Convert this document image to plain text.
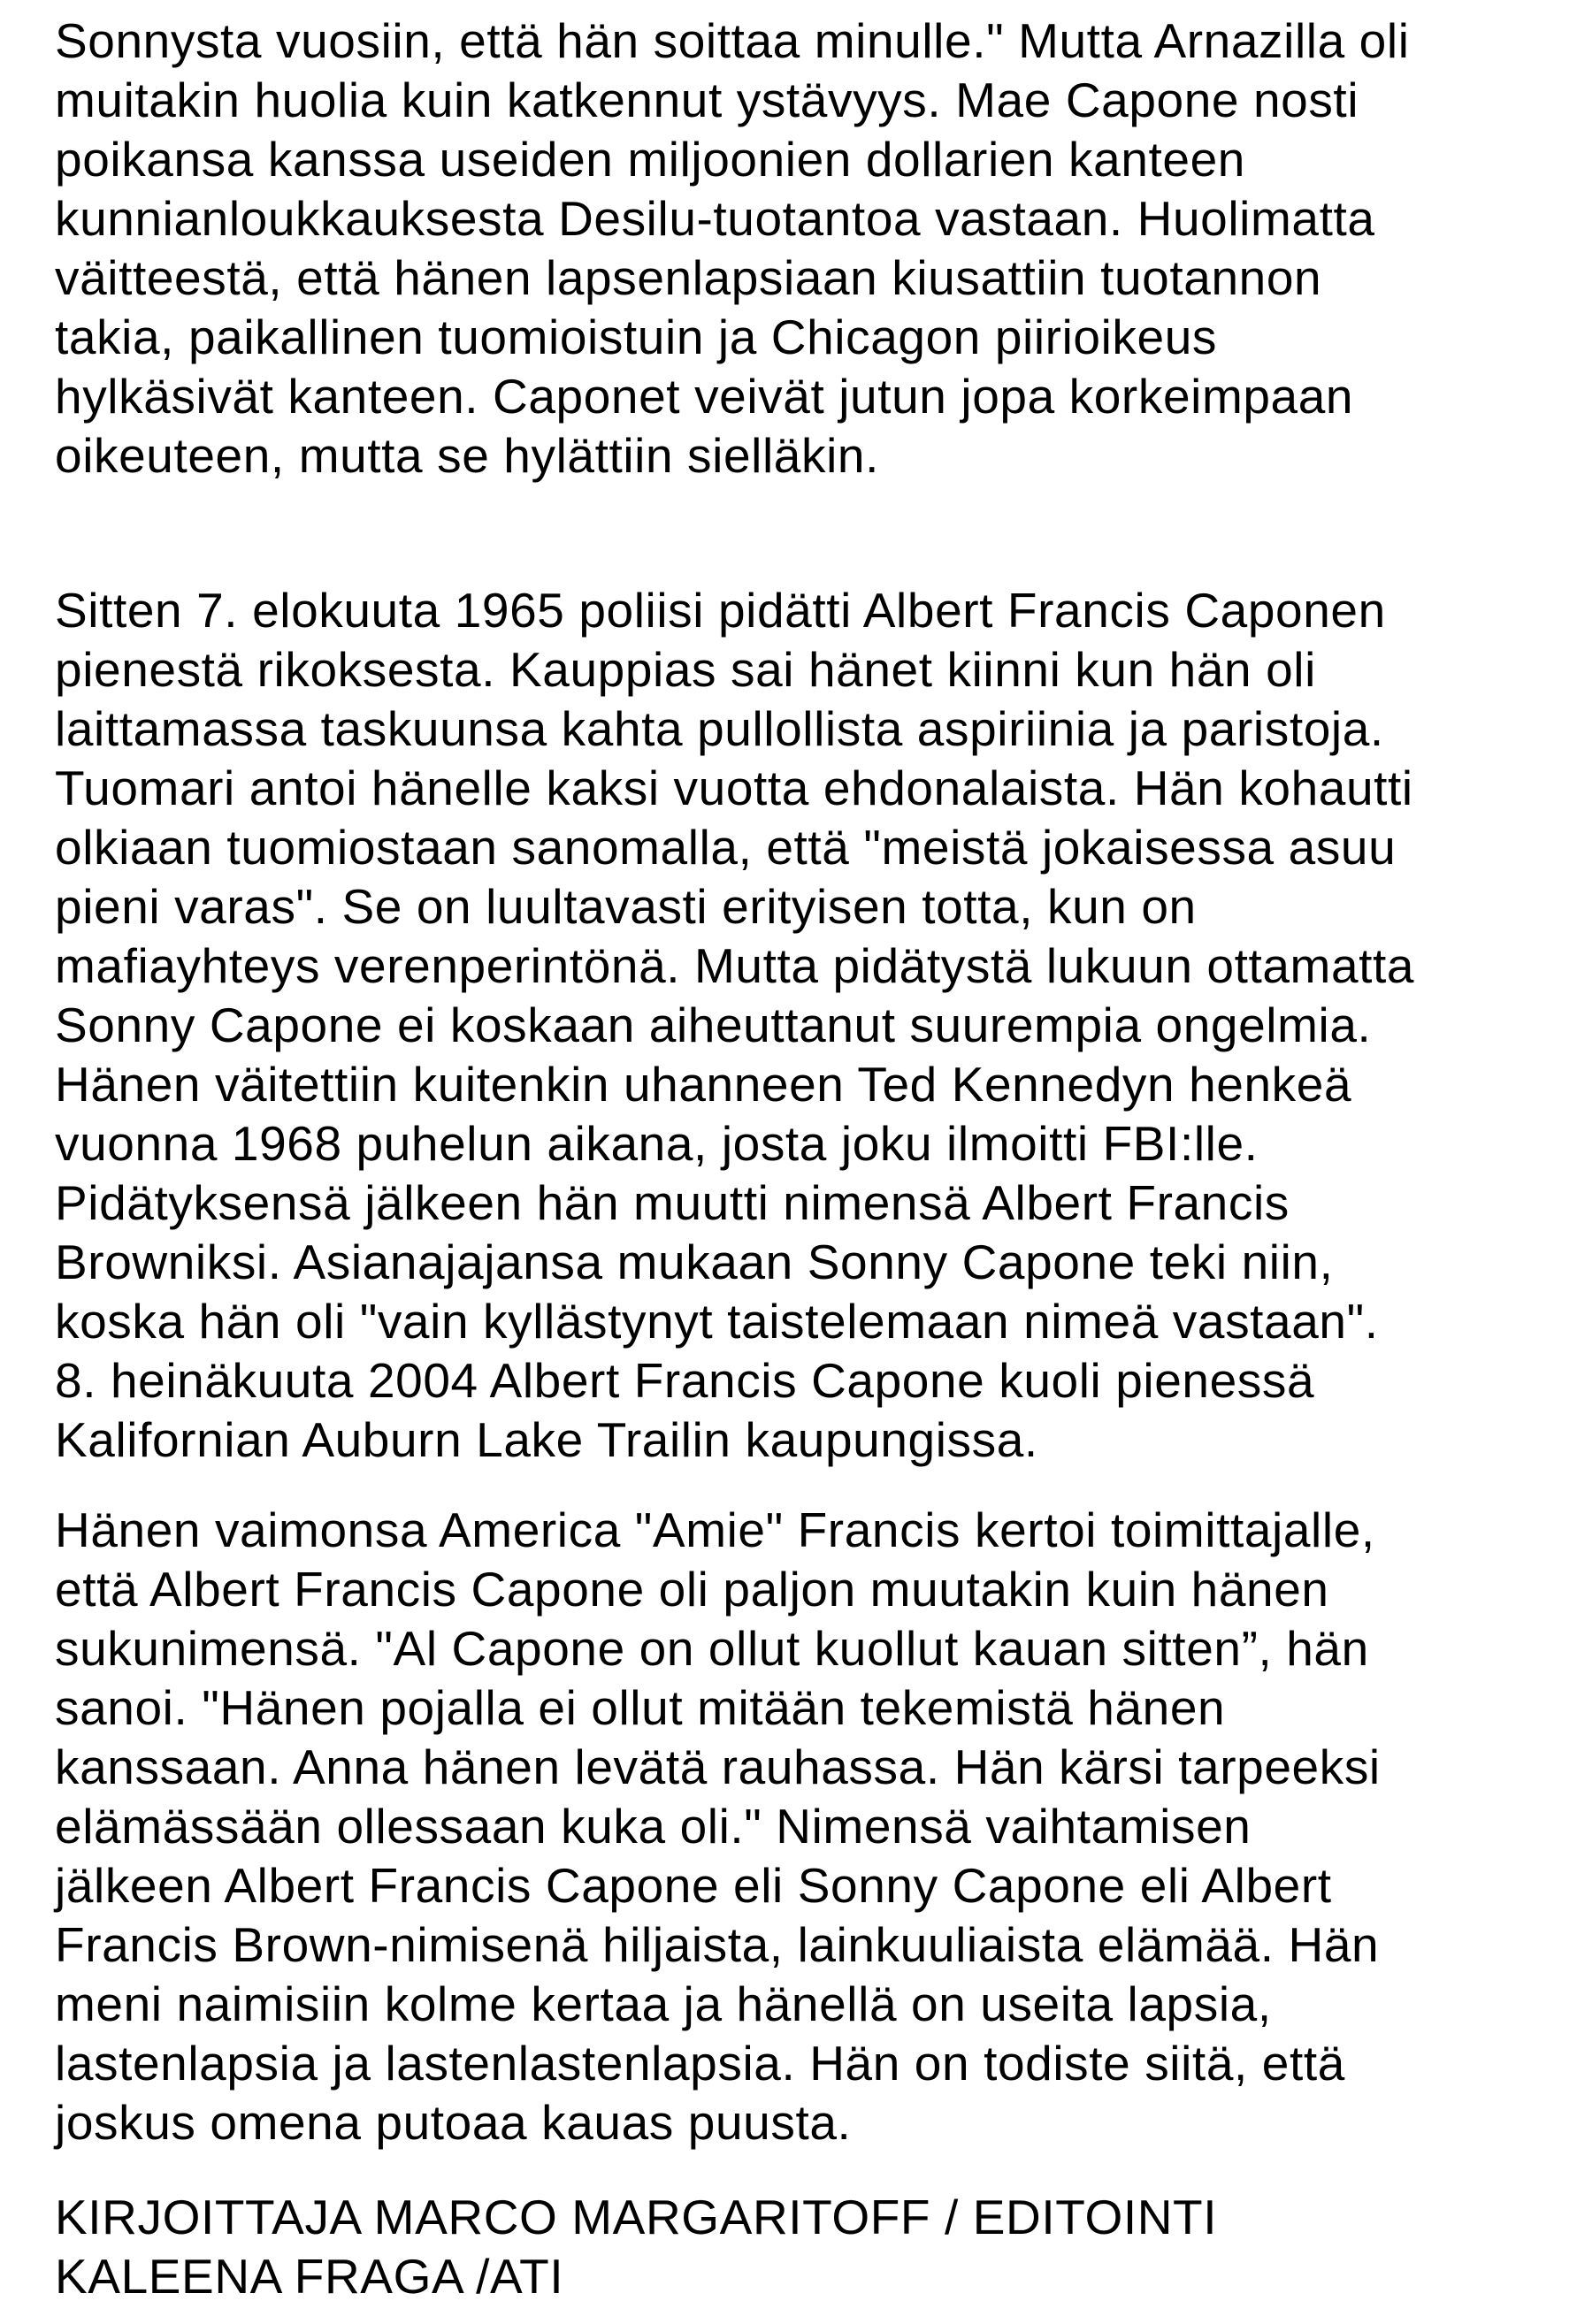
Sonnysta vuosiin, että hän soittaa minulle." Mutta Arnazilla oli
muitakin huolia kuin katkennut ystävyys. Mae Capone nosti
poikansa kanssa useiden miljoonien dollarien kanteen
kunnianloukkauksesta Desilu-tuotantoa vastaan. Huolimatta
väitteestä, että hänen lapsenlapsiaan kiusattiin tuotannon
takia, paikallinen tuomioistuin ja Chicagon piirioikeus
hylkäsivät kanteen. Caponet veivät jutun jopa korkeimpaan
oikeuteen, mutta se hylättiin sielläkin.
Sitten 7. elokuuta 1965 poliisi pidätti Albert Francis Caponen
pienestä rikoksesta. Kauppias sai hänet kiinni kun hän oli
laittamassa taskuunsa kahta pullollista aspiriinia ja paristoja.
Tuomari antoi hänelle kaksi vuotta ehdonalaista. Hän kohautti
olkiaan tuomiostaan sanomalla, että "meistä jokaisessa asuu
pieni varas". Se on luultavasti erityisen totta, kun on
mafiayhteys verenperintönä. Mutta pidätystä lukuun ottamatta
Sonny Capone ei koskaan aiheuttanut suurempia ongelmia.
Hänen väitettiin kuitenkin uhanneen Ted Kennedyn henkeä
vuonna 1968 puhelun aikana, josta joku ilmoitti FBI:lle.
Pidätyksensä jälkeen hän muutti nimensä Albert Francis
Browniksi. Asianajajansa mukaan Sonny Capone teki niin,
koska hän oli "vain kyllästynyt taistelemaan nimeä vastaan".
8. heinäkuuta 2004 Albert Francis Capone kuoli pienessä
Kalifornian Auburn Lake Trailin kaupungissa.
Hänen vaimonsa America "Amie" Francis kertoi toimittajalle,
että Albert Francis Capone oli paljon muutakin kuin hänen
sukunimensä. "Al Capone on ollut kuollut kauan sitten”, hän
sanoi. "Hänen pojalla ei ollut mitään tekemistä hänen
kanssaan. Anna hänen levätä rauhassa. Hän kärsi tarpeeksi
elämässään ollessaan kuka oli." Nimensä vaihtamisen
jälkeen Albert Francis Capone eli Sonny Capone eli Albert
Francis Brown-nimisenä hiljaista, lainkuuliaista elämää. Hän
meni naimisiin kolme kertaa ja hänellä on useita lapsia,
lastenlapsia ja lastenlastenlapsia. Hän on todiste siitä, että
joskus omena putoaa kauas puusta.
KIRJOITTAJA MARCO MARGARITOFF / EDITOINTI
KALEENA FRAGA /ATI
